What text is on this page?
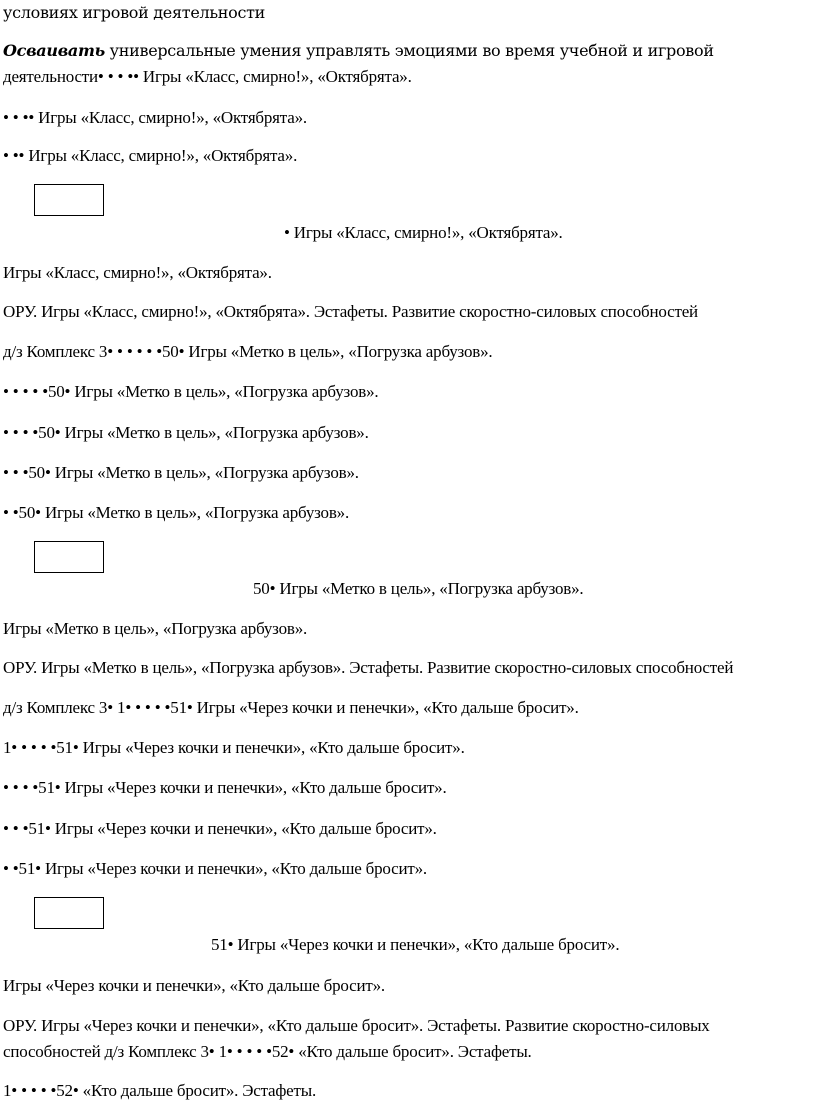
условиях игровой деятельности
Осваивать универсальные умения управлять эмоциями во время учебной и игровой
деятельности• • • •• Игры «Класс, смирно!», «Октябрята».
• • •• Игры «Класс, смирно!», «Октябрята».
• •• Игры «Класс, смирно!», «Октябрята».
• Игры «Класс, смирно!», «Октябрята».
Игры «Класс, смирно!», «Октябрята».
ОРУ. Игры «Класс, смирно!», «Октябрята». Эстафеты. Развитие скоростно-силовых способностей
д/з Комплекс 3• • • • • •50• Игры «Метко в цель», «Погрузка арбузов».
• • • • •50• Игры «Метко в цель», «Погрузка арбузов».
• • • •50• Игры «Метко в цель», «Погрузка арбузов».
• • •50• Игры «Метко в цель», «Погрузка арбузов».
• •50• Игры «Метко в цель», «Погрузка арбузов».
50• Игры «Метко в цель», «Погрузка арбузов».
Игры «Метко в цель», «Погрузка арбузов».
ОРУ. Игры «Метко в цель», «Погрузка арбузов». Эстафеты. Развитие скоростно-силовых способностей
д/з Комплекс 3• 1• • • • •51• Игры «Через кочки и пенечки», «Кто дальше бросит».
1• • • • •51• Игры «Через кочки и пенечки», «Кто дальше бросит».
• • • •51• Игры «Через кочки и пенечки», «Кто дальше бросит».
• • •51• Игры «Через кочки и пенечки», «Кто дальше бросит».
• •51• Игры «Через кочки и пенечки», «Кто дальше бросит».
51• Игры «Через кочки и пенечки», «Кто дальше бросит».
Игры «Через кочки и пенечки», «Кто дальше бросит».
ОРУ. Игры «Через кочки и пенечки», «Кто дальше бросит». Эстафеты. Развитие скоростно-силовых
способностей д/з Комплекс 3• 1• • • • •52• «Кто дальше бросит». Эстафеты.
1• • • • •52• «Кто дальше бросит». Эстафеты.
